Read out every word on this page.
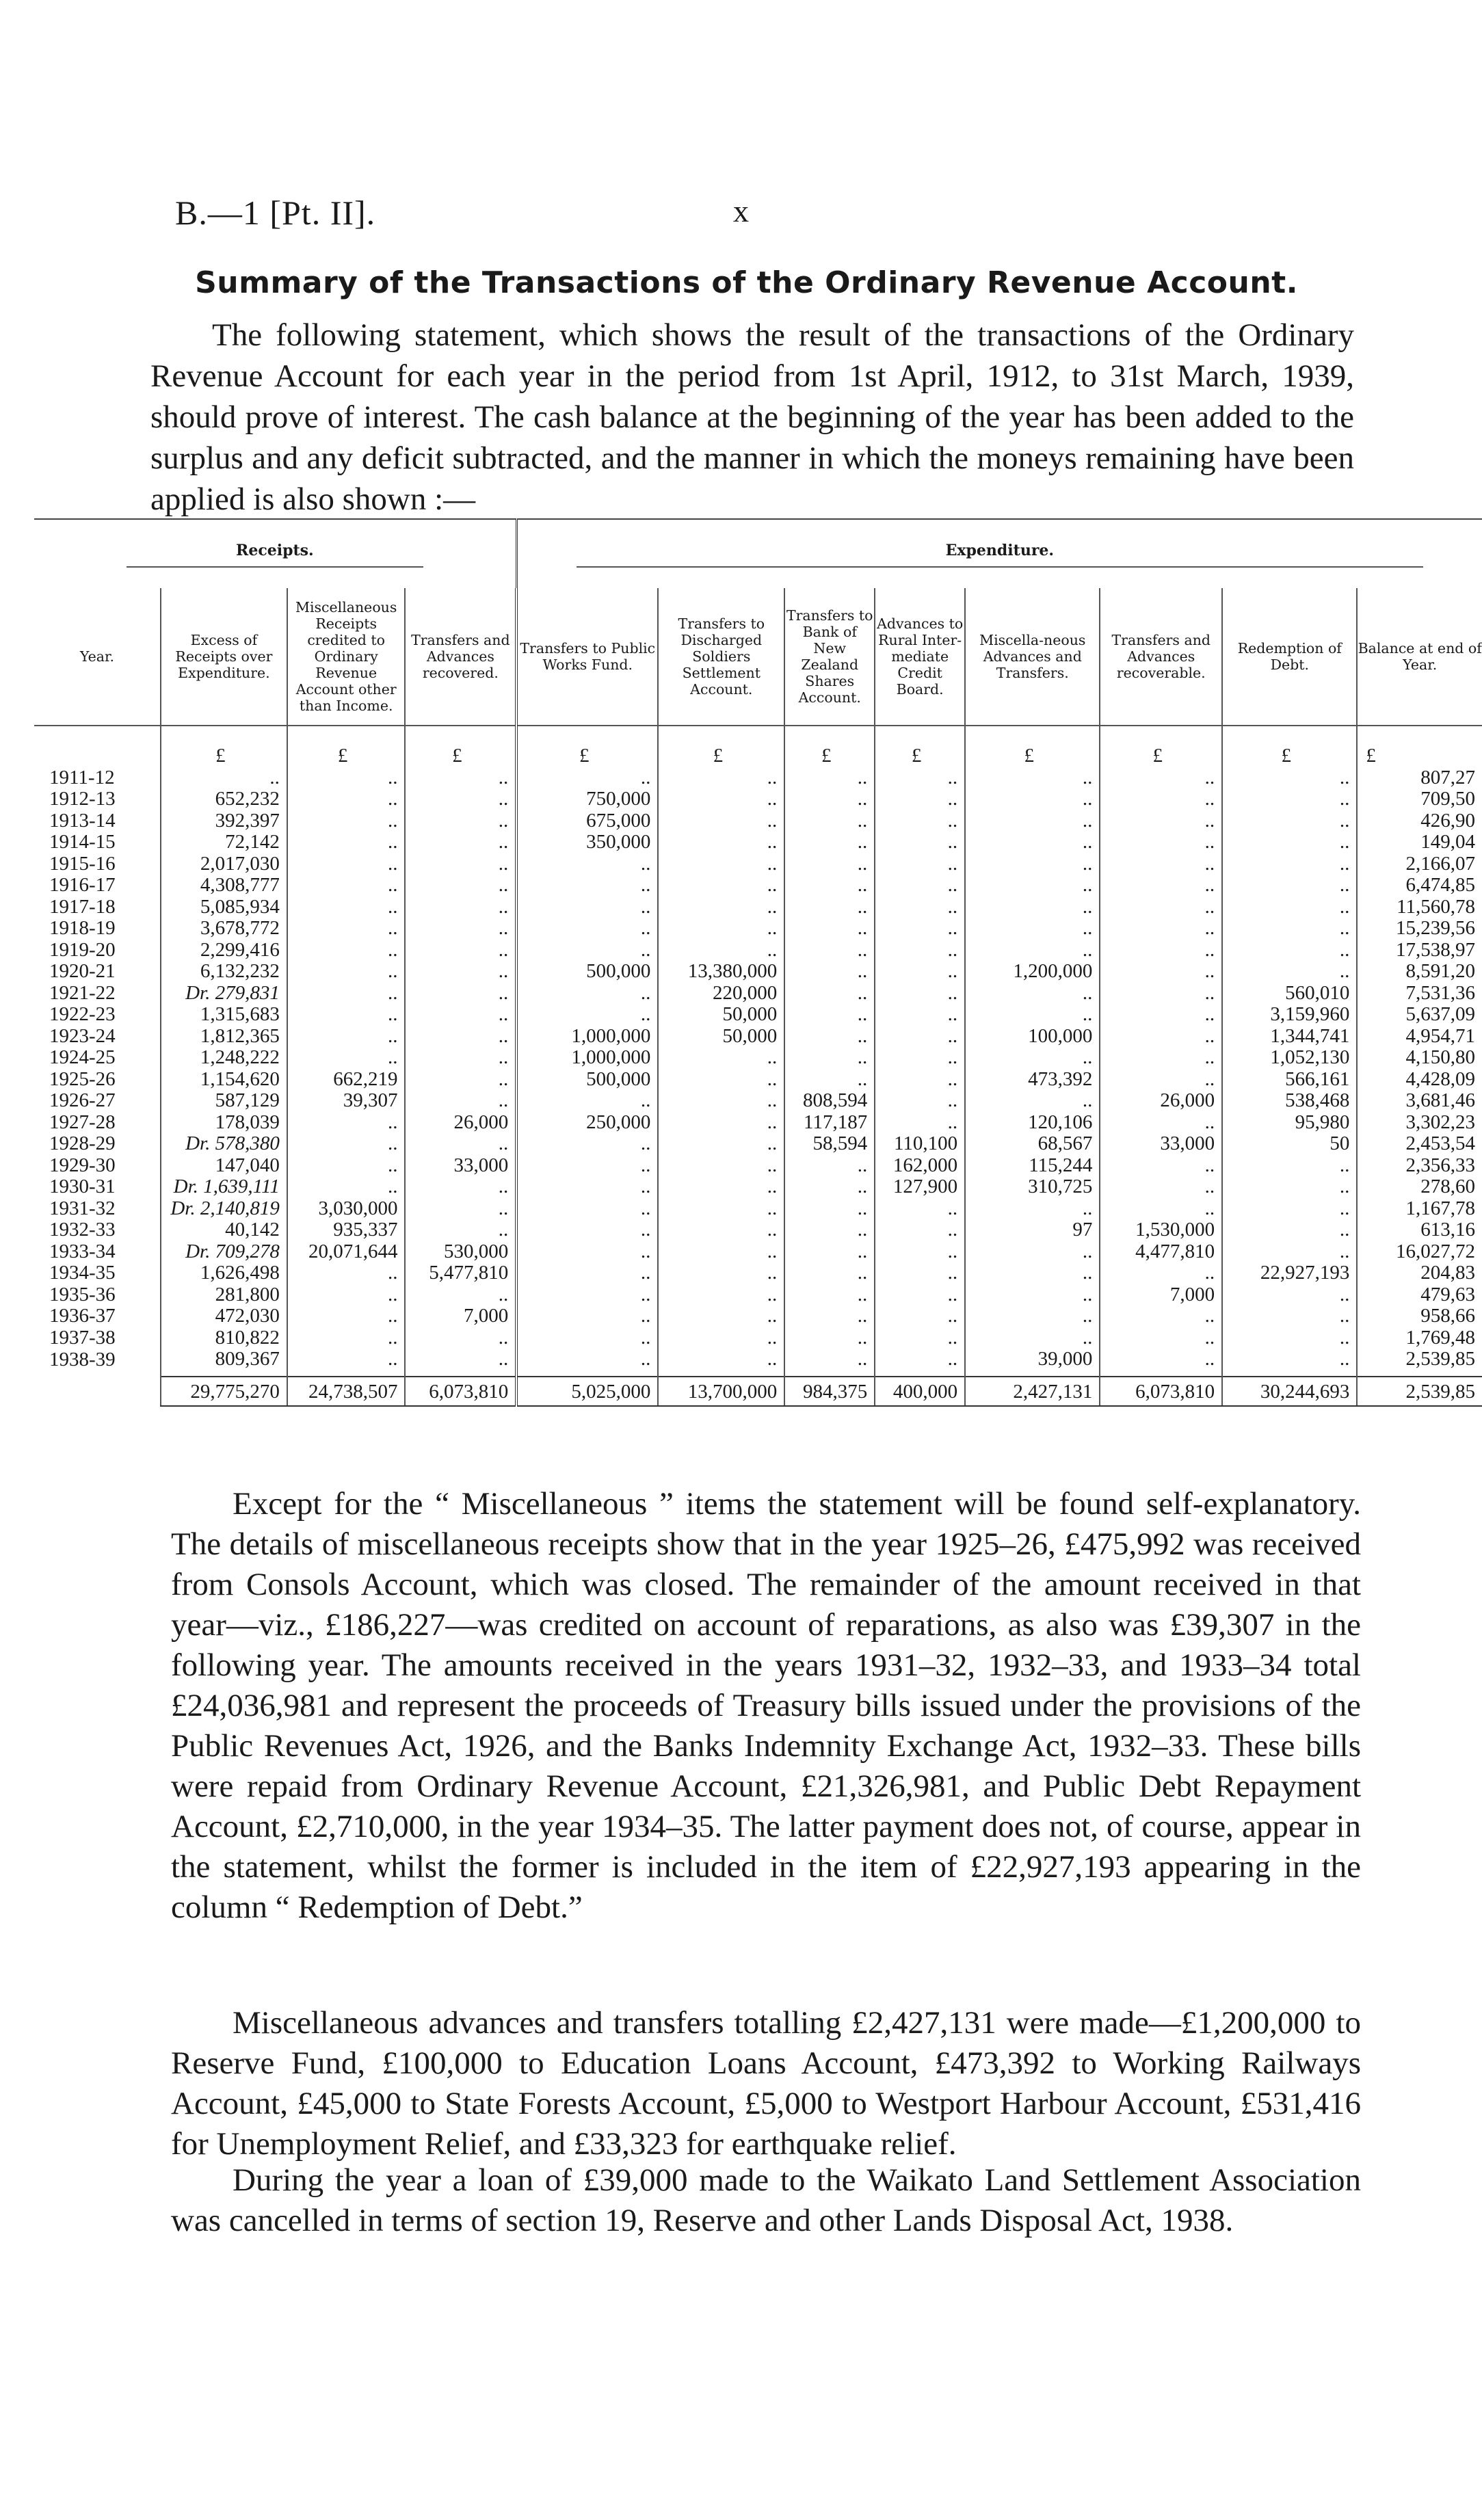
B.—1 [Pt. II].	x
Summary of the Transactions of the Ordinary Revenue Account.

The following statement, which shows the result of the transactions of the Ordinary Revenue Account for each year in the period from 1st April, 1912, to 31st March, 1939, should prove of interest. The cash balance at the beginning of the year has been added to the surplus and any deficit subtracted, and the manner in which the moneys remaining have been applied is also shown :—

Receipts.				Expenditure.							
Year.	Excess of Receipts over Expenditure.	Miscellaneous Receipts credited to Ordinary Revenue Account other than Income.	Transfers and Advances recovered.	Transfers to Public Works Fund.	Transfers to Discharged Soldiers Settlement Account.	Transfers to Bank of New Zealand Shares Account.	Advances to Rural Inter-mediate Credit Board.	Miscella-neous Advances and Transfers.	Transfers and Advances recoverable.	Redemption of Debt.	Balance at end of Year.
	£	£	£	£	£	£	£	£	£	£	£
1911-12	..	..	..	..	..	..	..	..	..	..	807,27
1912-13	652,232	..	..	750,000	..	..	..	..	..	..	709,50
1913-14	392,397	..	..	675,000	..	..	..	..	..	..	426,90
1914-15	72,142	..	..	350,000	..	..	..	..	..	..	149,04
1915-16	2,017,030	..	..	..	..	..	..	..	..	..	2,166,07
1916-17	4,308,777	..	..	..	..	..	..	..	..	..	6,474,85
1917-18	5,085,934	..	..	..	..	..	..	..	..	..	11,560,78
1918-19	3,678,772	..	..	..	..	..	..	..	..	..	15,239,56
1919-20	2,299,416	..	..	..	..	..	..	..	..	..	17,538,97
1920-21	6,132,232	..	..	500,000	13,380,000	..	..	1,200,000	..	..	8,591,20
1921-22	Dr. 279,831	..	..	..	220,000	..	..	..	..	560,010	7,531,36
1922-23	1,315,683	..	..	..	50,000	..	..	..	..	3,159,960	5,637,09
1923-24	1,812,365	..	..	1,000,000	50,000	..	..	100,000	..	1,344,741	4,954,71
1924-25	1,248,222	..	..	1,000,000	..	..	..	..	..	1,052,130	4,150,80
1925-26	1,154,620	662,219	..	500,000	..	..	..	473,392	..	566,161	4,428,09
1926-27	587,129	39,307	..	..	..	808,594	..	..	26,000	538,468	3,681,46
1927-28	178,039	..	26,000	250,000	..	117,187	..	120,106	..	95,980	3,302,23
1928-29	Dr. 578,380	..	..	..	..	58,594	110,100	68,567	33,000	50	2,453,54
1929-30	147,040	..	33,000	..	..	..	162,000	115,244	..	..	2,356,33
1930-31	Dr. 1,639,111	..	..	..	..	..	127,900	310,725	..	..	278,60
1931-32	Dr. 2,140,819	3,030,000	..	..	..	..	..	..	..	..	1,167,78
1932-33	40,142	935,337	..	..	..	..	..	97	1,530,000	..	613,16
1933-34	Dr. 709,278	20,071,644	530,000	..	..	..	..	..	4,477,810	..	16,027,72
1934-35	1,626,498	..	5,477,810	..	..	..	..	..	..	22,927,193	204,83
1935-36	281,800	..	..	..	..	..	..	..	7,000	..	479,63
1936-37	472,030	..	7,000	..	..	..	..	..	..	..	958,66
1937-38	810,822	..	..	..	..	..	..	..	..	..	1,769,48
1938-39	809,367	..	..	..	..	..	..	39,000	..	..	2,539,85
	29,775,270	24,738,507	6,073,810	5,025,000	13,700,000	984,375	400,000	2,427,131	6,073,810	30,244,693	2,539,85

Except for the “ Miscellaneous ” items the statement will be found self-explanatory. The details of miscellaneous receipts show that in the year 1925–26, £475,992 was received from Consols Account, which was closed. The remainder of the amount received in that year—viz., £186,227—was credited on account of reparations, as also was £39,307 in the following year. The amounts received in the years 1931–32, 1932–33, and 1933–34 total £24,036,981 and represent the proceeds of Treasury bills issued under the provisions of the Public Revenues Act, 1926, and the Banks Indemnity Exchange Act, 1932–33. These bills were repaid from Ordinary Revenue Account, £21,326,981, and Public Debt Repayment Account, £2,710,000, in the year 1934–35. The latter payment does not, of course, appear in the statement, whilst the former is included in the item of £22,927,193 appearing in the column “ Redemption of Debt.”

Miscellaneous advances and transfers totalling £2,427,131 were made—£1,200,000 to Reserve Fund, £100,000 to Education Loans Account, £473,392 to Working Railways Account, £45,000 to State Forests Account, £5,000 to Westport Harbour Account, £531,416 for Unemployment Relief, and £33,323 for earthquake relief.

During the year a loan of £39,000 made to the Waikato Land Settlement Association was cancelled in terms of section 19, Reserve and other Lands Disposal Act, 1938.
